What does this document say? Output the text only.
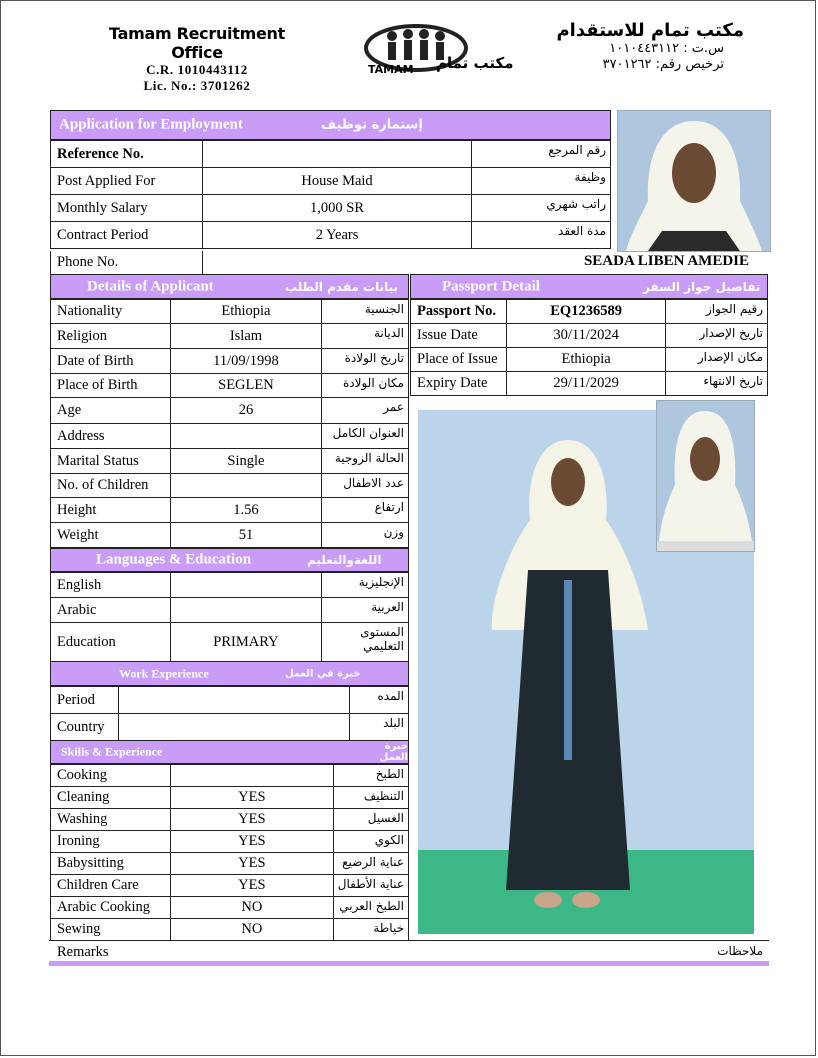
Tamam Recruitment Office
C.R. 1010443112
Lic. No.: 3701262
TAMAM مكتب تمام
مكتب تمام للاستقدام
س.ت : ١٠١٠٤٤٣١١٢
ترخيص رقم: ٣٧٠١٢٦٢
Application for Employment	إستمارة توظيف
Reference No.		رقم المرجع
Post Applied For	House Maid	وظيفة
Monthly Salary	1,000 SR	راتب شهري
Contract Period	2 Years	مدة العقد
Phone No.		SEADA LIBEN AMEDIE
Details of Applicant	بيانات مقدم الطلب
Nationality	Ethiopia	الجنسية
Religion	Islam	الديانة
Date of Birth	11/09/1998	تاريخ الولادة
Place of Birth	SEGLEN	مكان الولادة
Age	26	عمر
Address		العنوان الكامل
Marital Status	Single	الحالة الزوجية
No. of Children		عدد الاطفال
Height	1.56	ارتفاع
Weight	51	وزن
Passport Detail	تفاصيل جواز السفر
Passport No.	EQ1236589	رقيم الجواز
Issue Date	30/11/2024	تاريخ الإصدار
Place of Issue	Ethiopia	مكان الإصدار
Expiry Date	29/11/2029	تاريخ الانتهاء
Languages & Education	اللغةوالتعليم
English		الإنجليزية
Arabic		العربية
Education	PRIMARY	المستوى التعليمي
Work Experience	خبرة في العمل
Period		المده
Country		البلد
Skills & Experience	خبرة العمل
Cooking		الطبخ
Cleaning	YES	التنظيف
Washing	YES	الغسيل
Ironing	YES	الكوي
Babysitting	YES	عناية الرضيع
Children Care	YES	عناية الأطفال
Arabic Cooking	NO	الطبخ العربي
Sewing	NO	خياطة
Remarks	ملاحظات
